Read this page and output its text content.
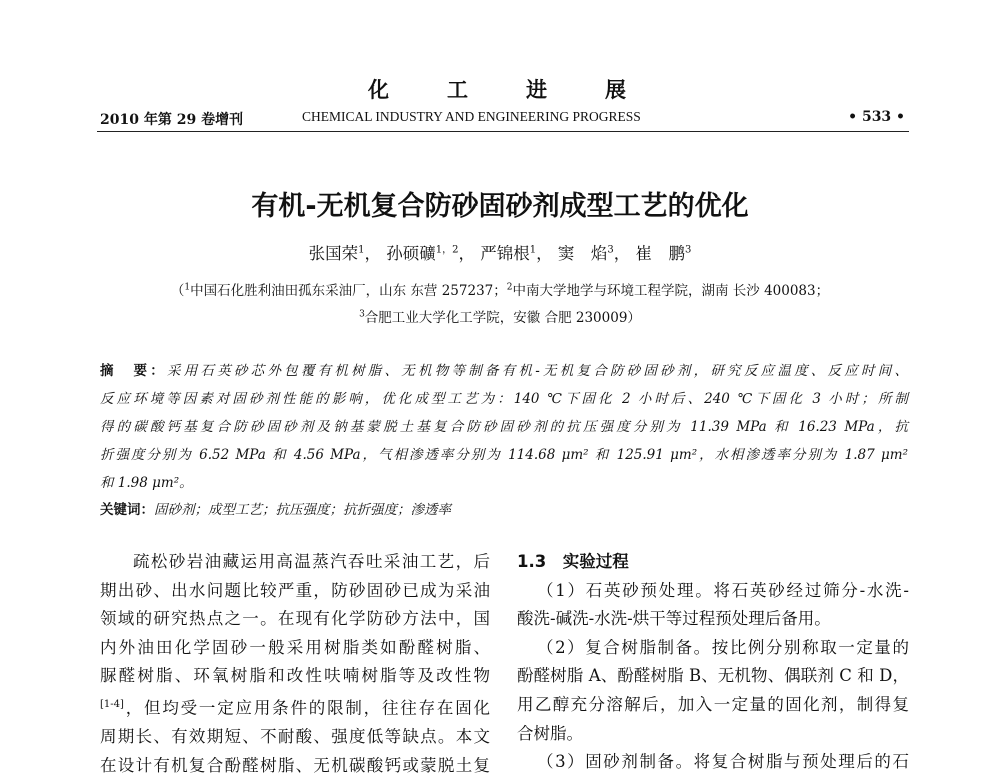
化 工 进 展
2010 年第 29 卷增刊	CHEMICAL INDUSTRY AND ENGINEERING PROGRESS	• 533 •
有机-无机复合防砂固砂剂成型工艺的优化
张国荣$^1$， 孙硕礦$^{1,2}$， 严锦根$^1$， 窦　焰$^3$， 崔　鹏$^3$
（$^1$中国石化胜利油田孤东采油厂，山东 东营 257237；$^2$中南大学地学与环境工程学院，湖南 长沙 400083；
$^3$合肥工业大学化工学院，安徽 合肥 230009）
摘　要：采用石英砂芯外包覆有机树脂、无机物等制备有机-无机复合防砂固砂剂，研究反应温度、反应时间、
反应环境等因素对固砂剂性能的影响，优化成型工艺为：140 ℃下固化 2 小时后、240 ℃下固化 3 小时；所制
得的碳酸钙基复合防砂固砂剂及钠基蒙脱土基复合防砂固砂剂的抗压强度分别为 11.39 MPa 和 16.23 MPa，抗
折强度分别为 6.52 MPa 和 4.56 MPa，气相渗透率分别为 114.68 μm² 和 125.91 μm²，水相渗透率分别为 1.87 μm²
和 1.98 μm²。
关键词：固砂剂；成型工艺；抗压强度；抗折强度；渗透率
疏松砂岩油藏运用高温蒸汽吞吐采油工艺，后
期出砂、出水问题比较严重，防砂固砂已成为采油
领域的研究热点之一。在现有化学防砂方法中，国
内外油田化学固砂一般采用树脂类如酚醛树脂、
脲醛树脂、环氧树脂和改性呋喃树脂等及改性物
[1-4]，但均受一定应用条件的限制，往往存在固化
周期长、有效期短、不耐酸、强度低等缺点。本文
在设计有机复合酚醛树脂、无机碳酸钙或蒙脱土复
1.3　实验过程
（1）石英砂预处理。将石英砂经过筛分-水洗-
酸洗-碱洗-水洗-烘干等过程预处理后备用。
（2）复合树脂制备。按比例分别称取一定量的
酚醛树脂 A、酚醛树脂 B、无机物、偶联剂 C 和 D，
用乙醇充分溶解后，加入一定量的固化剂，制得复
合树脂。
（3）固砂剂制备。将复合树脂与预处理后的石
